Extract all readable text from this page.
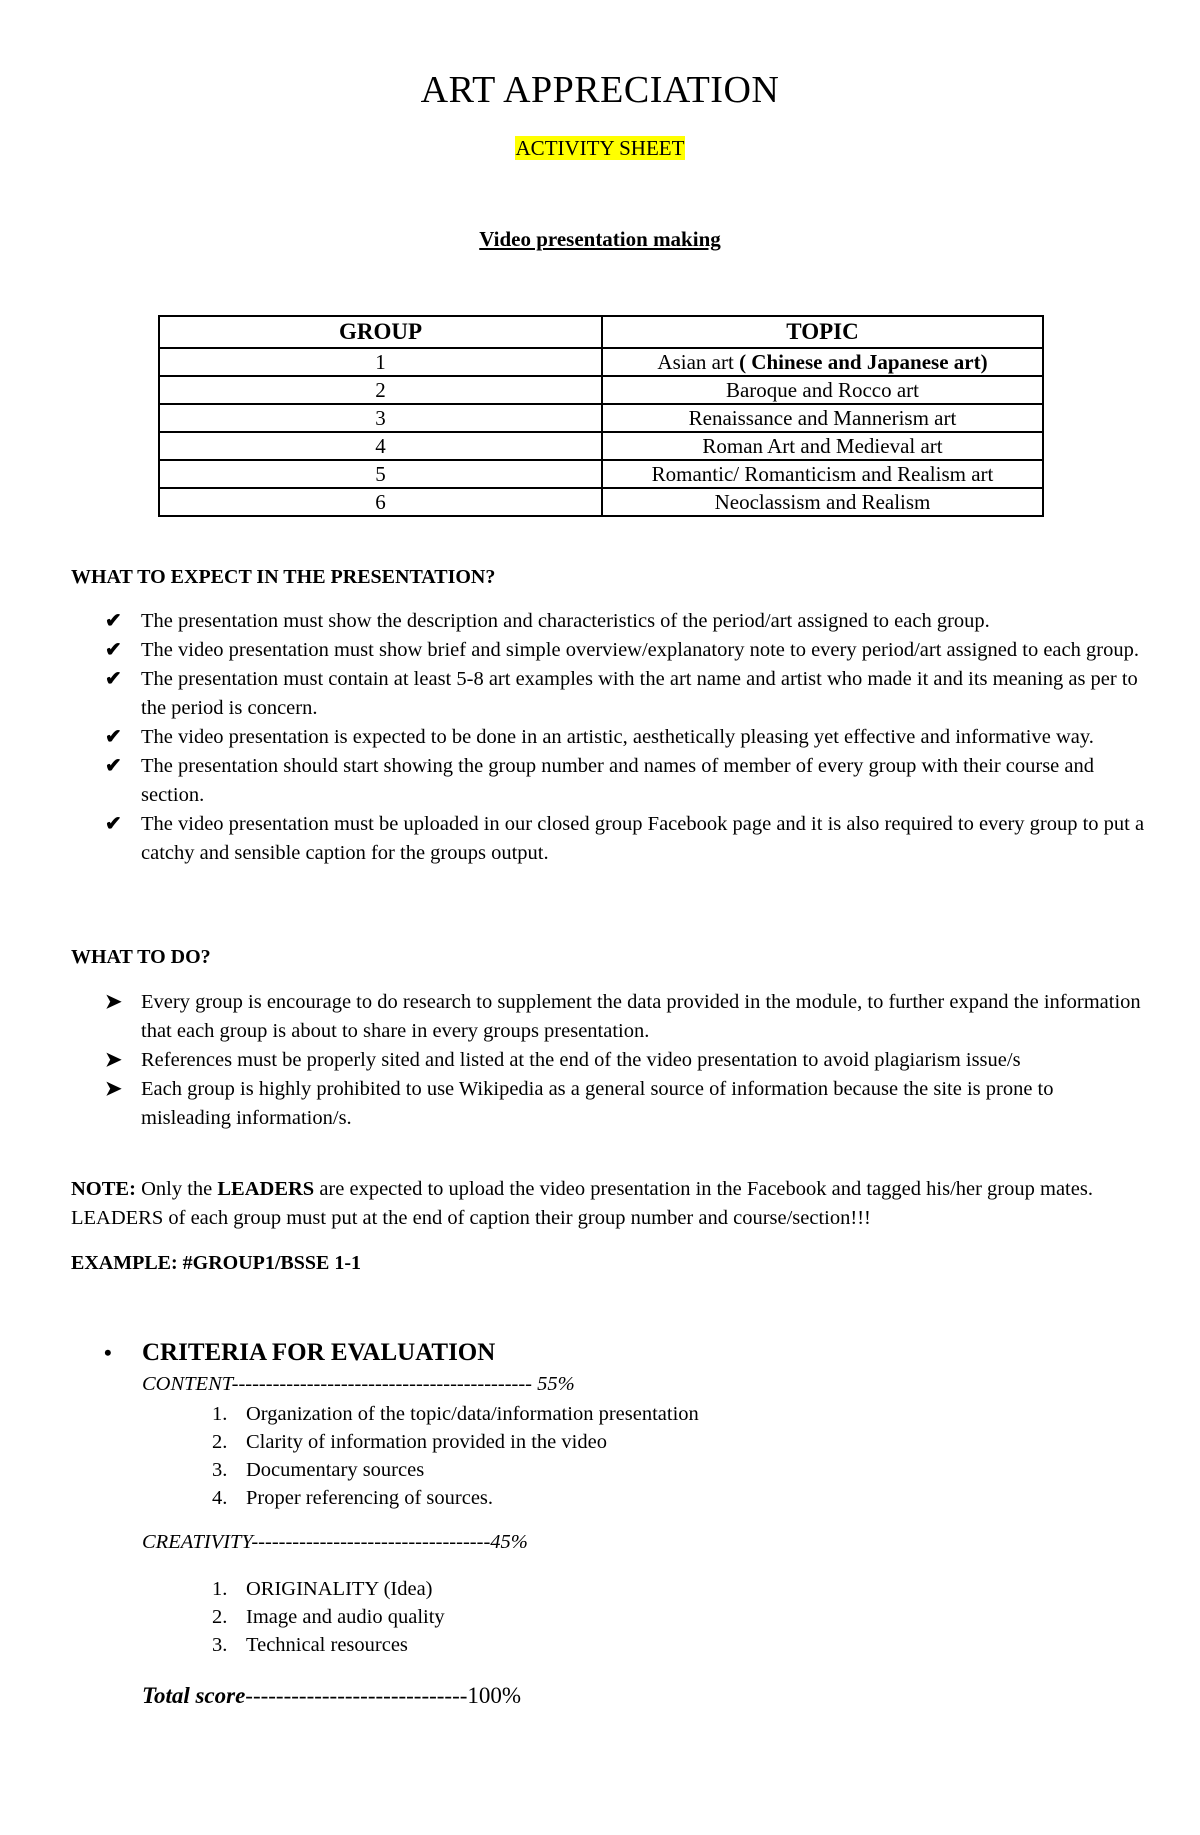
ART APPRECIATION
ACTIVITY SHEET
Video presentation making
GROUP	TOPIC
1	Asian art ( Chinese and Japanese art)
2	Baroque and Rocco art
3	Renaissance and Mannerism art
4	Roman Art and Medieval art
5	Romantic/ Romanticism and Realism art
6	Neoclassism and Realism
WHAT TO EXPECT IN THE PRESENTATION?
✔ The presentation must show the description and characteristics of the period/art assigned to each group.
✔ The video presentation must show brief and simple overview/explanatory note to every period/art assigned to each group.
✔ The presentation must contain at least 5-8 art examples with the art name and artist who made it and its meaning as per to the period is concern.
✔ The video presentation is expected to be done in an artistic, aesthetically pleasing yet effective and informative way.
✔ The presentation should start showing the group number and names of member of every group with their course and section.
✔ The video presentation must be uploaded in our closed group Facebook page and it is also required to every group to put a catchy and sensible caption for the groups output.
WHAT TO DO?
➤ Every group is encourage to do research to supplement the data provided in the module, to further expand the information that each group is about to share in every groups presentation.
➤ References must be properly sited and listed at the end of the video presentation to avoid plagiarism issue/s
➤ Each group is highly prohibited to use Wikipedia as a general source of information because the site is prone to misleading information/s.
NOTE: Only the LEADERS are expected to upload the video presentation in the Facebook and tagged his/her group mates. LEADERS of each group must put at the end of caption their group number and course/section!!!
EXAMPLE: #GROUP1/BSSE 1-1
• CRITERIA FOR EVALUATION
CONTENT-------------------------------------------- 55%
1. Organization of the topic/data/information presentation
2. Clarity of information provided in the video
3. Documentary sources
4. Proper referencing of sources.
CREATIVITY-----------------------------------45%
1. ORIGINALITY (Idea)
2. Image and audio quality
3. Technical resources
Total score-----------------------------100%
